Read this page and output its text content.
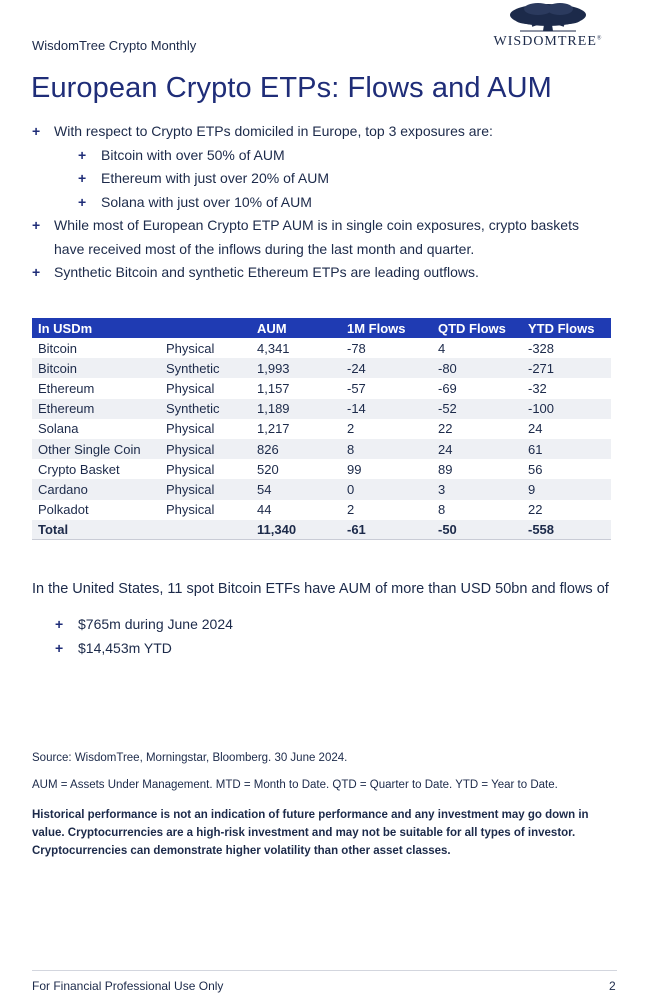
WisdomTree Crypto Monthly	WISDOMTREE®
European Crypto ETPs: Flows and AUM
+ With respect to Crypto ETPs domiciled in Europe, top 3 exposures are:
+ Bitcoin with over 50% of AUM
+ Ethereum with just over 20% of AUM
+ Solana with just over 10% of AUM
+ While most of European Crypto ETP AUM is in single coin exposures, crypto baskets have received most of the inflows during the last month and quarter.
+ Synthetic Bitcoin and synthetic Ethereum ETPs are leading outflows.
In USDm		AUM	1M Flows	QTD Flows	YTD Flows
Bitcoin	Physical	4,341	-78	4	-328
Bitcoin	Synthetic	1,993	-24	-80	-271
Ethereum	Physical	1,157	-57	-69	-32
Ethereum	Synthetic	1,189	-14	-52	-100
Solana	Physical	1,217	2	22	24
Other Single Coin	Physical	826	8	24	61
Crypto Basket	Physical	520	99	89	56
Cardano	Physical	54	0	3	9
Polkadot	Physical	44	2	8	22
Total		11,340	-61	-50	-558
In the United States, 11 spot Bitcoin ETFs have AUM of more than USD 50bn and flows of
+ $765m during June 2024
+ $14,453m YTD
Source: WisdomTree, Morningstar, Bloomberg. 30 June 2024.
AUM = Assets Under Management. MTD = Month to Date. QTD = Quarter to Date. YTD = Year to Date.
Historical performance is not an indication of future performance and any investment may go down in value. Cryptocurrencies are a high-risk investment and may not be suitable for all types of investor. Cryptocurrencies can demonstrate higher volatility than other asset classes.
For Financial Professional Use Only	2
